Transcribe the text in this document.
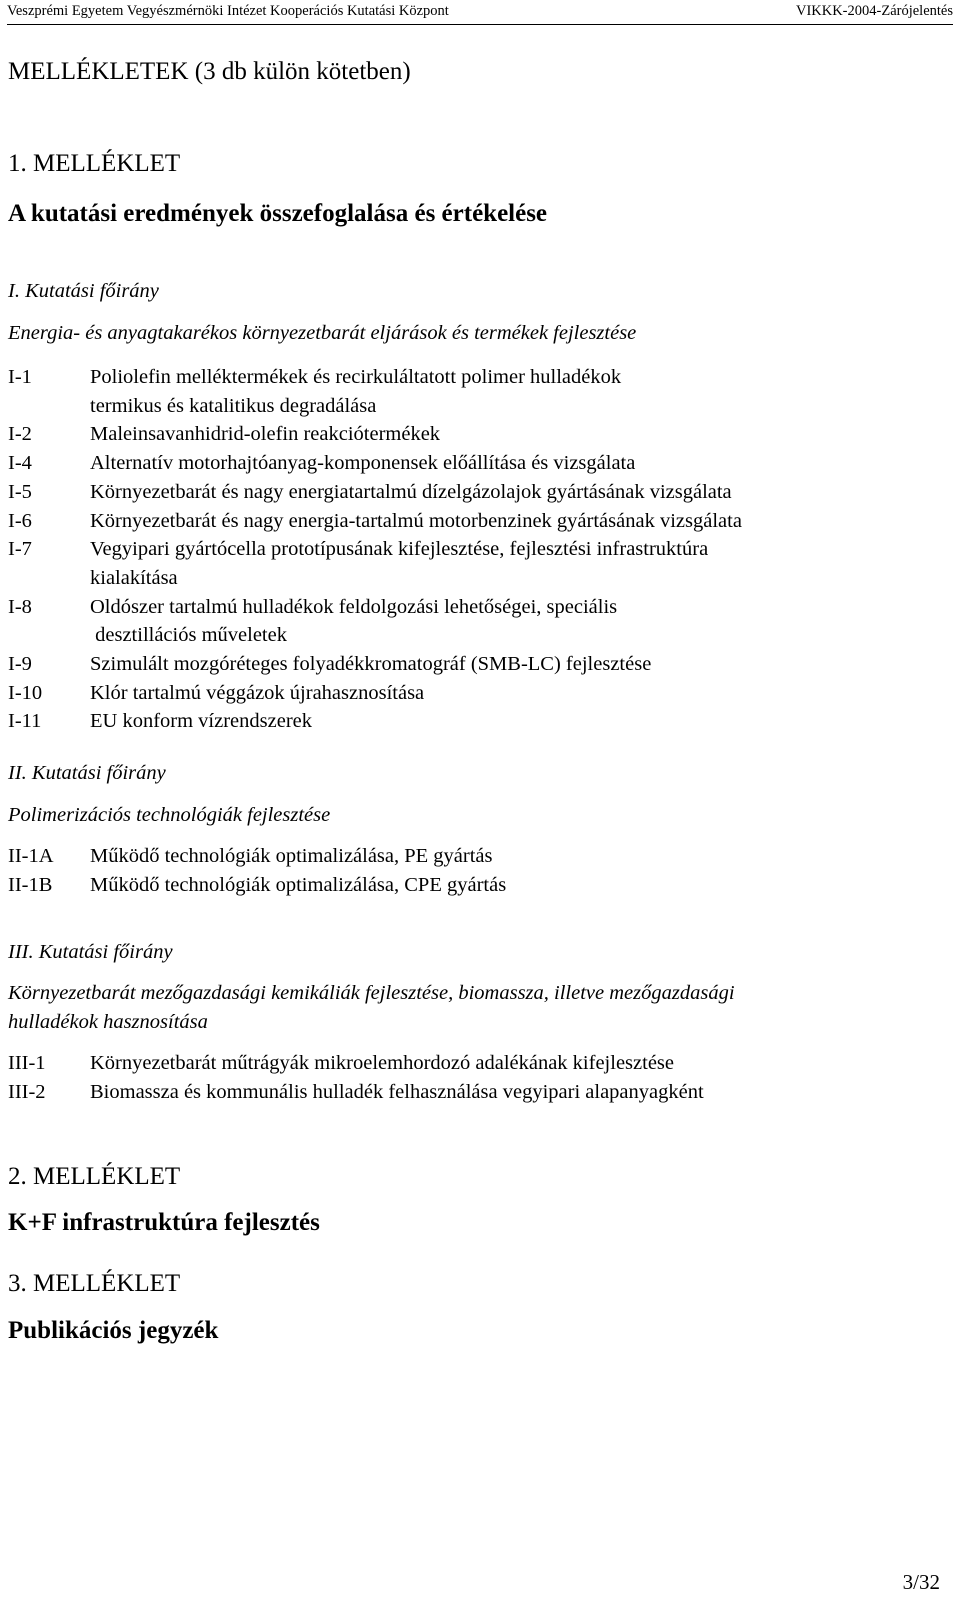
Veszprémi Egyetem Vegyészmérnöki Intézet Kooperációs Kutatási Központ	VIKKK-2004-Zárójelentés
MELLÉKLETEK (3 db külön kötetben)
1. MELLÉKLET
A kutatási eredmények összefoglalása és értékelése
I. Kutatási főirány
Energia- és anyagtakarékos környezetbarát eljárások és termékek fejlesztése
I-1	Poliolefin melléktermékek és recirkuláltatott polimer hulladékok
termikus és katalitikus degradálása
I-2	Maleinsavanhidrid-olefin reakciótermékek
I-4	Alternatív motorhajtóanyag-komponensek előállítása és vizsgálata
I-5	Környezetbarát és nagy energiatartalmú dízelgázolajok gyártásának vizsgálata
I-6	Környezetbarát és nagy energia-tartalmú motorbenzinek gyártásának vizsgálata
I-7	Vegyipari gyártócella prototípusának kifejlesztése, fejlesztési infrastruktúra
kialakítása
I-8	Oldószer tartalmú hulladékok feldolgozási lehetőségei, speciális
desztillációs műveletek
I-9	Szimulált mozgóréteges folyadékkromatográf (SMB-LC) fejlesztése
I-10	Klór tartalmú véggázok újrahasznosítása
I-11	EU konform vízrendszerek
II. Kutatási főirány
Polimerizációs technológiák fejlesztése
II-1A	Működő technológiák optimalizálása, PE gyártás
II-1B	Működő technológiák optimalizálása, CPE gyártás
III. Kutatási főirány
Környezetbarát mezőgazdasági kemikáliák fejlesztése, biomassza, illetve mezőgazdasági
hulladékok hasznosítása
III-1	Környezetbarát műtrágyák mikroelemhordozó adalékának kifejlesztése
III-2	Biomassza és kommunális hulladék felhasználása vegyipari alapanyagként
2. MELLÉKLET
K+F infrastruktúra fejlesztés
3. MELLÉKLET
Publikációs jegyzék
3/32
